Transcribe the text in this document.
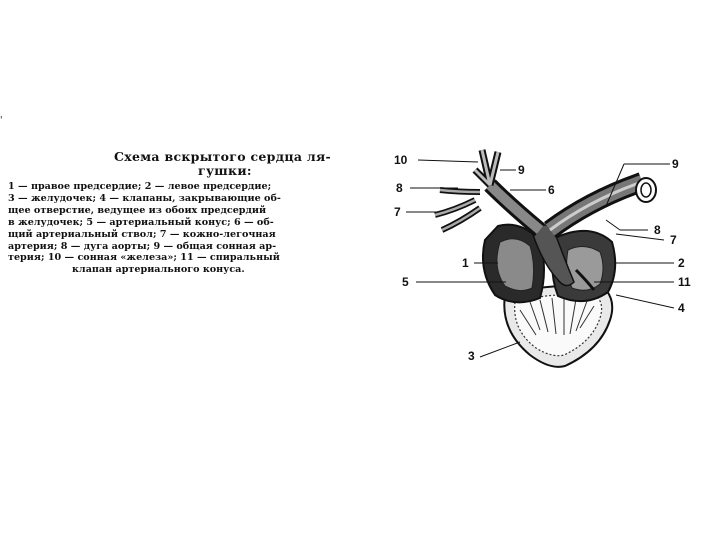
'
Схема вскрытого сердца ля-
гушки:
1 — правое предсердие; 2 — левое предсердие;
3 — желудочек; 4 — клапаны, закрывающие об-
щее отверстие, ведущее из обоих предсердий
в желудочек; 5 — артериальный конус; 6 — об-
щий артериальный ствол; 7 — кожно-легочная
артерия; 8 — дуга аорты; 9 — общая сонная ар-
терия; 10 — сонная «железа»; 11 — спиральный
клапан артериального конуса.
10
9
8	6
7
1
5
3
9
8
7
2
11
4
